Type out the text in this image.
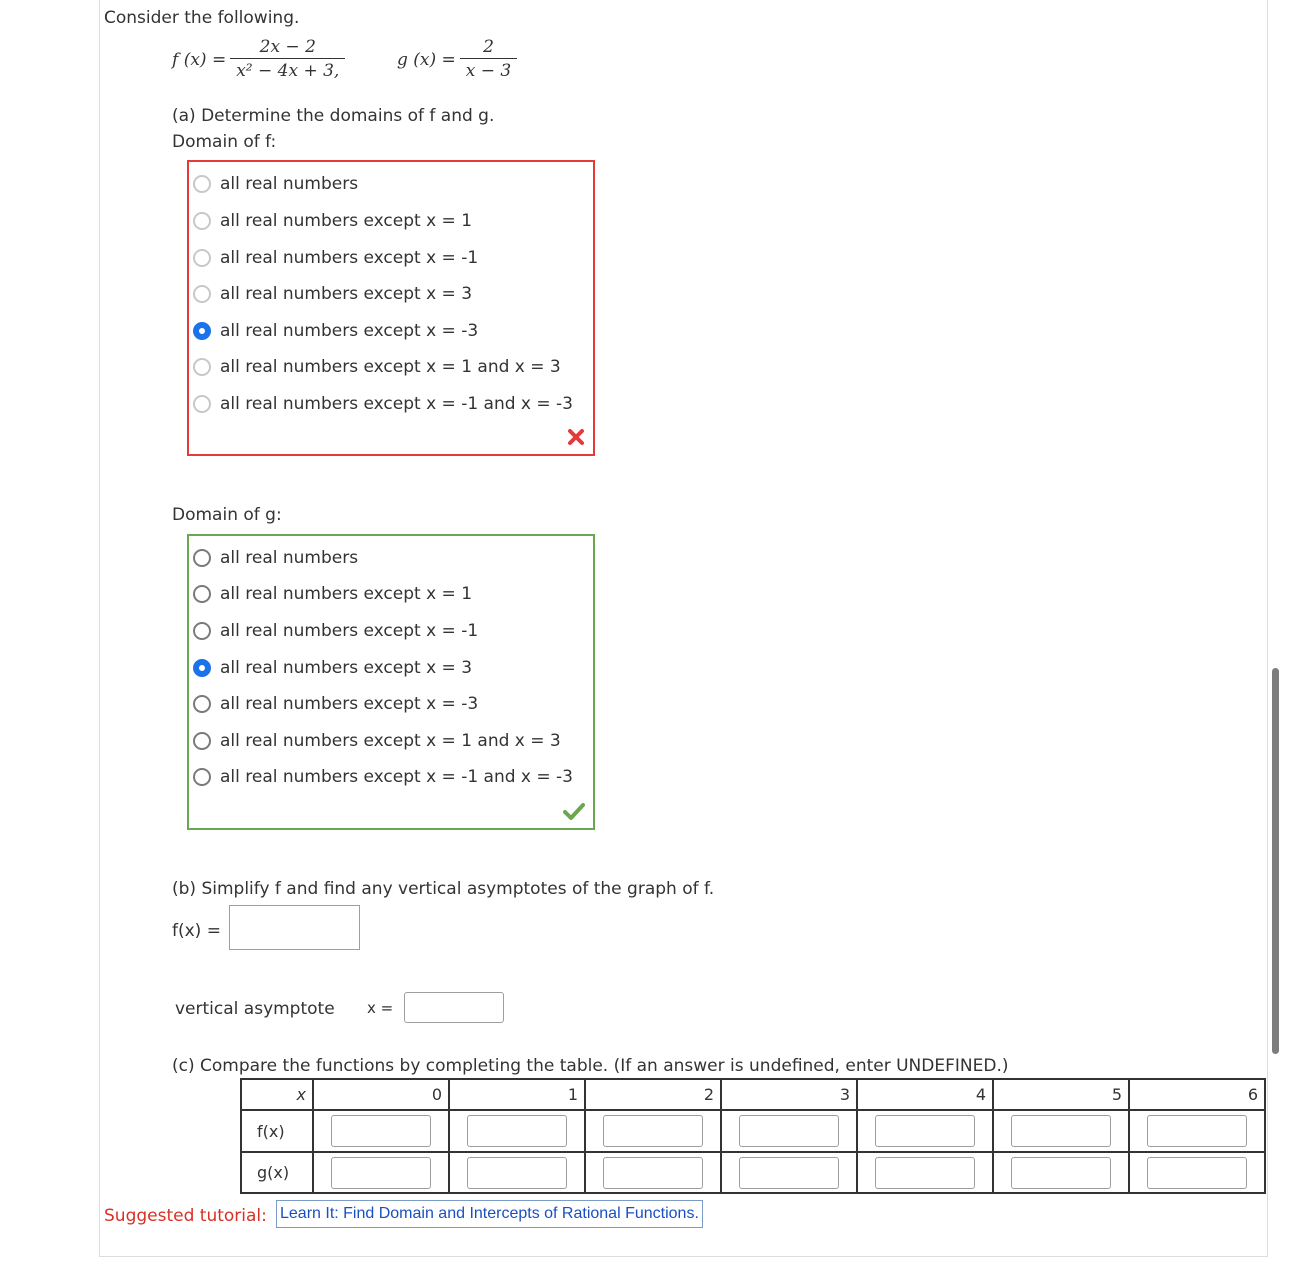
Consider the following.
f $(x) = \frac{2x - 2}{\text{x² − 4x + 3,}}$	g $(x) = \frac{2}{x - 3}$
(a) Determine the domains of f and g.
Domain of f:
all real numbers
all real numbers except x = 1
all real numbers except x = -1
all real numbers except x = 3
all real numbers except x = -3
all real numbers except x = 1 and x = 3
all real numbers except x = -1 and x = -3
Domain of g:
all real numbers
all real numbers except x = 1
all real numbers except x = -1
all real numbers except x = 3
all real numbers except x = -3
all real numbers except x = 1 and x = 3
all real numbers except x = -1 and x = -3
(b) Simplify f and find any vertical asymptotes of the graph of f.
f(x) =
vertical asymptote x =
(c) Compare the functions by completing the table. (If an answer is undefined, enter UNDEFINED.)
x	0	1	2	3	4	5	6
f(x)	

g(x)	

Suggested tutorial: Learn It: Find Domain and Intercepts of Rational Functions.
